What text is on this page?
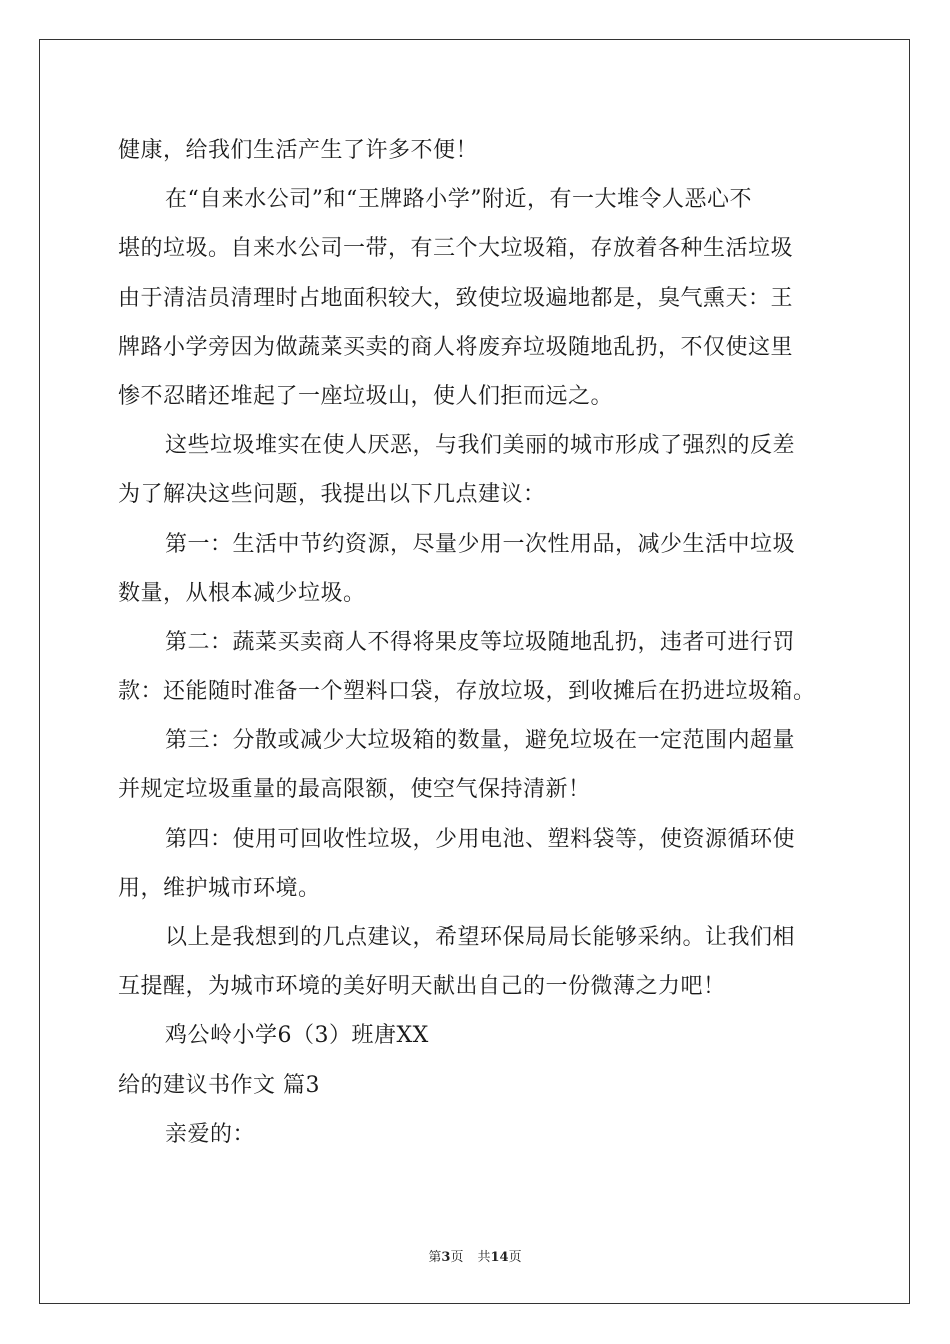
健康，给我们生活产生了许多不便！
在“自来水公司”和“王牌路小学”附近，有一大堆令人恶心不
堪的垃圾。自来水公司一带，有三个大垃圾箱，存放着各种生活垃圾
由于清洁员清理时占地面积较大，致使垃圾遍地都是，臭气熏天：王
牌路小学旁因为做蔬菜买卖的商人将废弃垃圾随地乱扔，不仅使这里
惨不忍睹还堆起了一座垃圾山，使人们拒而远之。
这些垃圾堆实在使人厌恶，与我们美丽的城市形成了强烈的反差
为了解决这些问题，我提出以下几点建议：
第一：生活中节约资源，尽量少用一次性用品，减少生活中垃圾
数量，从根本减少垃圾。
第二：蔬菜买卖商人不得将果皮等垃圾随地乱扔，违者可进行罚
款：还能随时准备一个塑料口袋，存放垃圾，到收摊后在扔进垃圾箱。
第三：分散或减少大垃圾箱的数量，避免垃圾在一定范围内超量
并规定垃圾重量的最高限额，使空气保持清新！
第四：使用可回收性垃圾，少用电池、塑料袋等，使资源循环使
用，维护城市环境。
以上是我想到的几点建议，希望环保局局长能够采纳。让我们相
互提醒，为城市环境的美好明天献出自己的一份微薄之力吧！
鸡公岭小学6（3）班唐XX
给的建议书作文 篇3
亲爱的：
第3页 共14页
